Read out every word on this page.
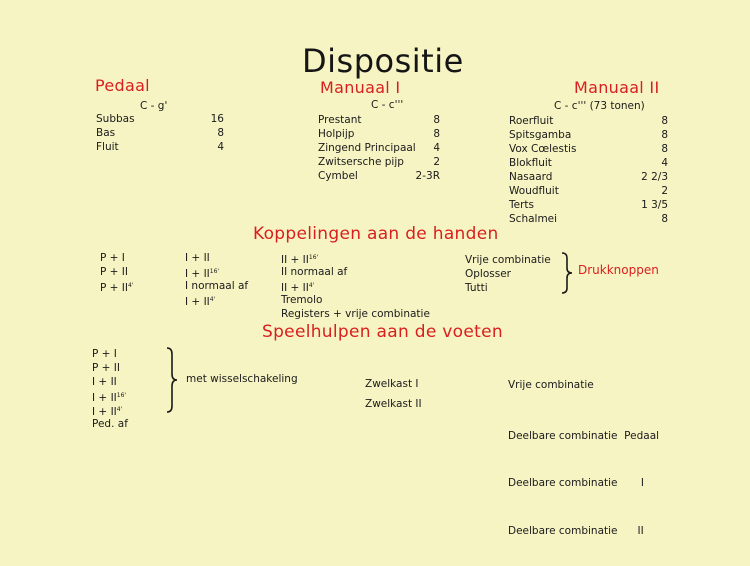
Dispositie
Pedaal
C - g'
Subbas	16
Bas	8
Fluit	4
Manuaal I
C - c'''
Prestant	8
Holpijp	8
Zingend Principaal 4
Zwitsersche pijp	2
Cymbel	2-3R
Manuaal II
C - c''' (73 tonen)
Roerfluit	8
Spitsgamba	8
Vox Cœlestis	8
Blokfluit	4
Nasaard	2 2/3
Woudfluit	2
Terts	1 3/5
Schalmei	8
Koppelingen aan de handen
P + I
P + II
$P + II^{4'}$
I + II
$I + II^{16'}$
I normaal af
$I + II^{4'}$
II + $II^{16'}$
II normaal af
II + $II^{4'}$
Tremolo
Registers + vrije combinatie
Vrije combinatie
Oplosser
Tutti
Drukknoppen
Speelhulpen aan de voeten
P + I
P + II
I + II
$I + II^{16'}$
$I + II^{4'}$
Ped. af
met wisselschakeling	Zwelkast I
Zwelkast II

Vrije combinatie

Deelbare combinatie  Pedaal

Deelbare combinatie       I

Deelbare combinatie      II
